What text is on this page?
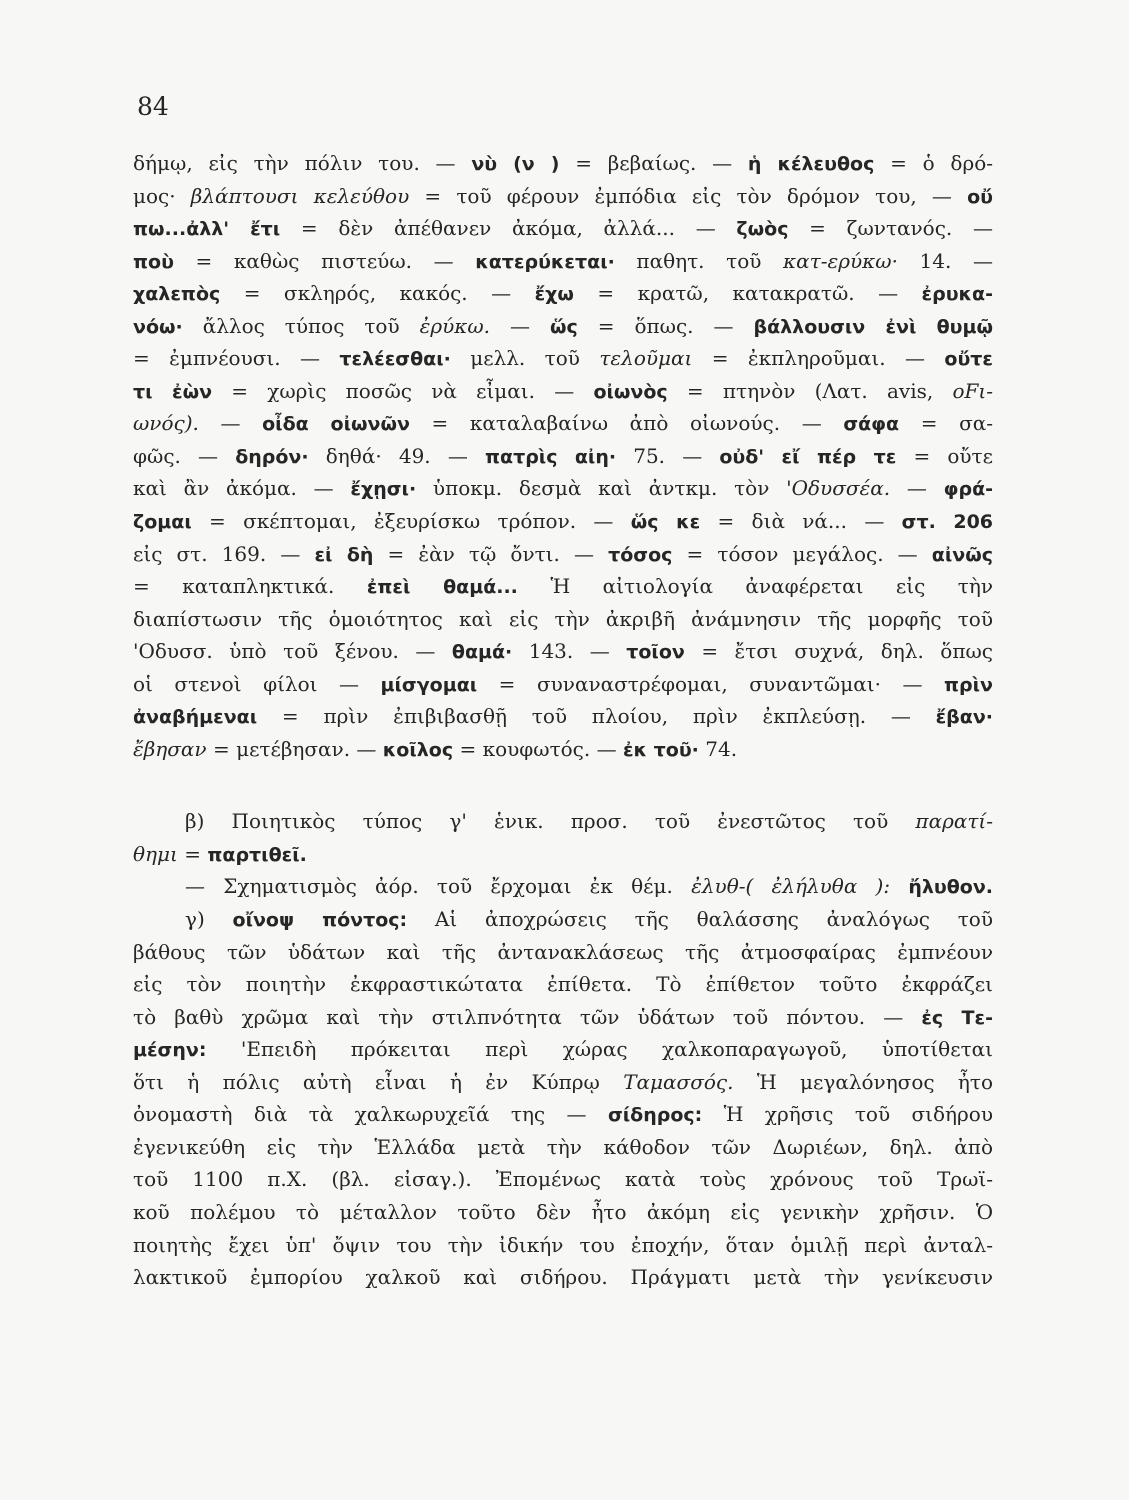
84
δήμῳ, εἰς τὴν πόλιν του. — νὺ (ν ) = βεβαίως. — ἡ κέλευθος = ὁ δρό-
μος· βλάπτουσι κελεύθου = τοῦ φέρουν ἐμπόδια εἰς τὸν δρόμον του, — οὔ
πω...ἀλλ' ἔτι = δὲν ἀπέθανεν ἀκόμα, ἀλλά... — ζωὸς = ζωντανός. —
ποὺ = καθὼς πιστεύω. — κατερύκεται· παθητ. τοῦ κατ-ερύκω· 14. —
χαλεπὸς = σκληρός, κακός. — ἔχω = κρατῶ, κατακρατῶ. — ἐρυκα-
νόω· ἄλλος τύπος τοῦ ἐρύκω. — ὥς = ὅπως. — βάλλουσιν ἐνὶ θυμῷ
= ἐμπνέουσι. — τελέεσθαι· μελλ. τοῦ τελοῦμαι = ἐκπληροῦμαι. — οὔτε
τι ἐὼν = χωρὶς ποσῶς νὰ εἶμαι. — οἰωνὸς = πτηνὸν (Λατ. avis, oFι-
ωνός). — οἶδα οἰωνῶν = καταλαβαίνω ἀπὸ οἰωνούς. — σάφα = σα-
φῶς. — δηρόν· δηθά· 49. — πατρὶς αἰη· 75. — οὐδ' εἴ πέρ τε = οὔτε
καὶ ἂν ἀκόμα. — ἔχῃσι· ὑποκμ. δεσμὰ καὶ ἀντκμ. τὸν 'Οδυσσέα. — φρά-
ζομαι = σκέπτομαι, ἐξευρίσκω τρόπον. — ὥς κε = διὰ νά... — στ. 206
εἰς στ. 169. — εἰ δὴ = ἐὰν τῷ ὄντι. — τόσος = τόσον μεγάλος. — αἰνῶς
= καταπληκτικά. ἐπεὶ θαμά... Ἡ αἰτιολογία ἀναφέρεται εἰς τὴν
διαπίστωσιν τῆς ὁμοιότητος καὶ εἰς τὴν ἀκριβῆ ἀνάμνησιν τῆς μορφῆς τοῦ
'Οδυσσ. ὑπὸ τοῦ ξένου. — θαμά· 143. — τοῖον = ἔτσι συχνά, δηλ. ὅπως
οἱ στενοὶ φίλοι — μίσγομαι = συναναστρέφομαι, συναντῶμαι· — πρὶν
ἀναβήμεναι = πρὶν ἐπιβιβασθῇ τοῦ πλοίου, πρὶν ἐκπλεύσῃ. — ἔβαν·
ἔβησαν = μετέβησαν. — κοῖλος = κουφωτός. — ἐκ τοῦ· 74.
β) Ποιητικὸς τύπος γ' ἑνικ. προσ. τοῦ ἐνεστῶτος τοῦ παρατί-
θημι = παρτιθεῖ.
— Σχηματισμὸς ἀόρ. τοῦ ἔρχομαι ἐκ θέμ. ἐλυθ-( ἐλήλυθα ): ἤλυθον.
γ) οἴνοψ πόντος: Αἱ ἀποχρώσεις τῆς θαλάσσης ἀναλόγως τοῦ
βάθους τῶν ὑδάτων καὶ τῆς ἀντανακλάσεως τῆς ἀτμοσφαίρας ἐμπνέουν
εἰς τὸν ποιητὴν ἐκφραστικώτατα ἐπίθετα. Τὸ ἐπίθετον τοῦτο ἐκφράζει
τὸ βαθὺ χρῶμα καὶ τὴν στιλπνότητα τῶν ὑδάτων τοῦ πόντου. — ἐς Τε-
μέσην: 'Επειδὴ πρόκειται περὶ χώρας χαλκοπαραγωγοῦ, ὑποτίθεται
ὅτι ἡ πόλις αὐτὴ εἶναι ἡ ἐν Κύπρῳ Ταμασσός. Ἡ μεγαλόνησος ἦτο
ὀνομαστὴ διὰ τὰ χαλκωρυχεῖά της — σίδηρος: Ἡ χρῆσις τοῦ σιδήρου
ἐγενικεύθη εἰς τὴν Ἑλλάδα μετὰ τὴν κάθοδον τῶν Δωριέων, δηλ. ἀπὸ
τοῦ 1100 π.Χ. (βλ. εἰσαγ.). Ἐπομένως κατὰ τοὺς χρόνους τοῦ Τρωϊ-
κοῦ πολέμου τὸ μέταλλον τοῦτο δὲν ἦτο ἀκόμη εἰς γενικὴν χρῆσιν. Ὁ
ποιητὴς ἔχει ὑπ' ὄψιν του τὴν ἰδικήν του ἐποχήν, ὅταν ὁμιλῇ περὶ ἀνταλ-
λακτικοῦ ἐμπορίου χαλκοῦ καὶ σιδήρου. Πράγματι μετὰ τὴν γενίκευσιν
